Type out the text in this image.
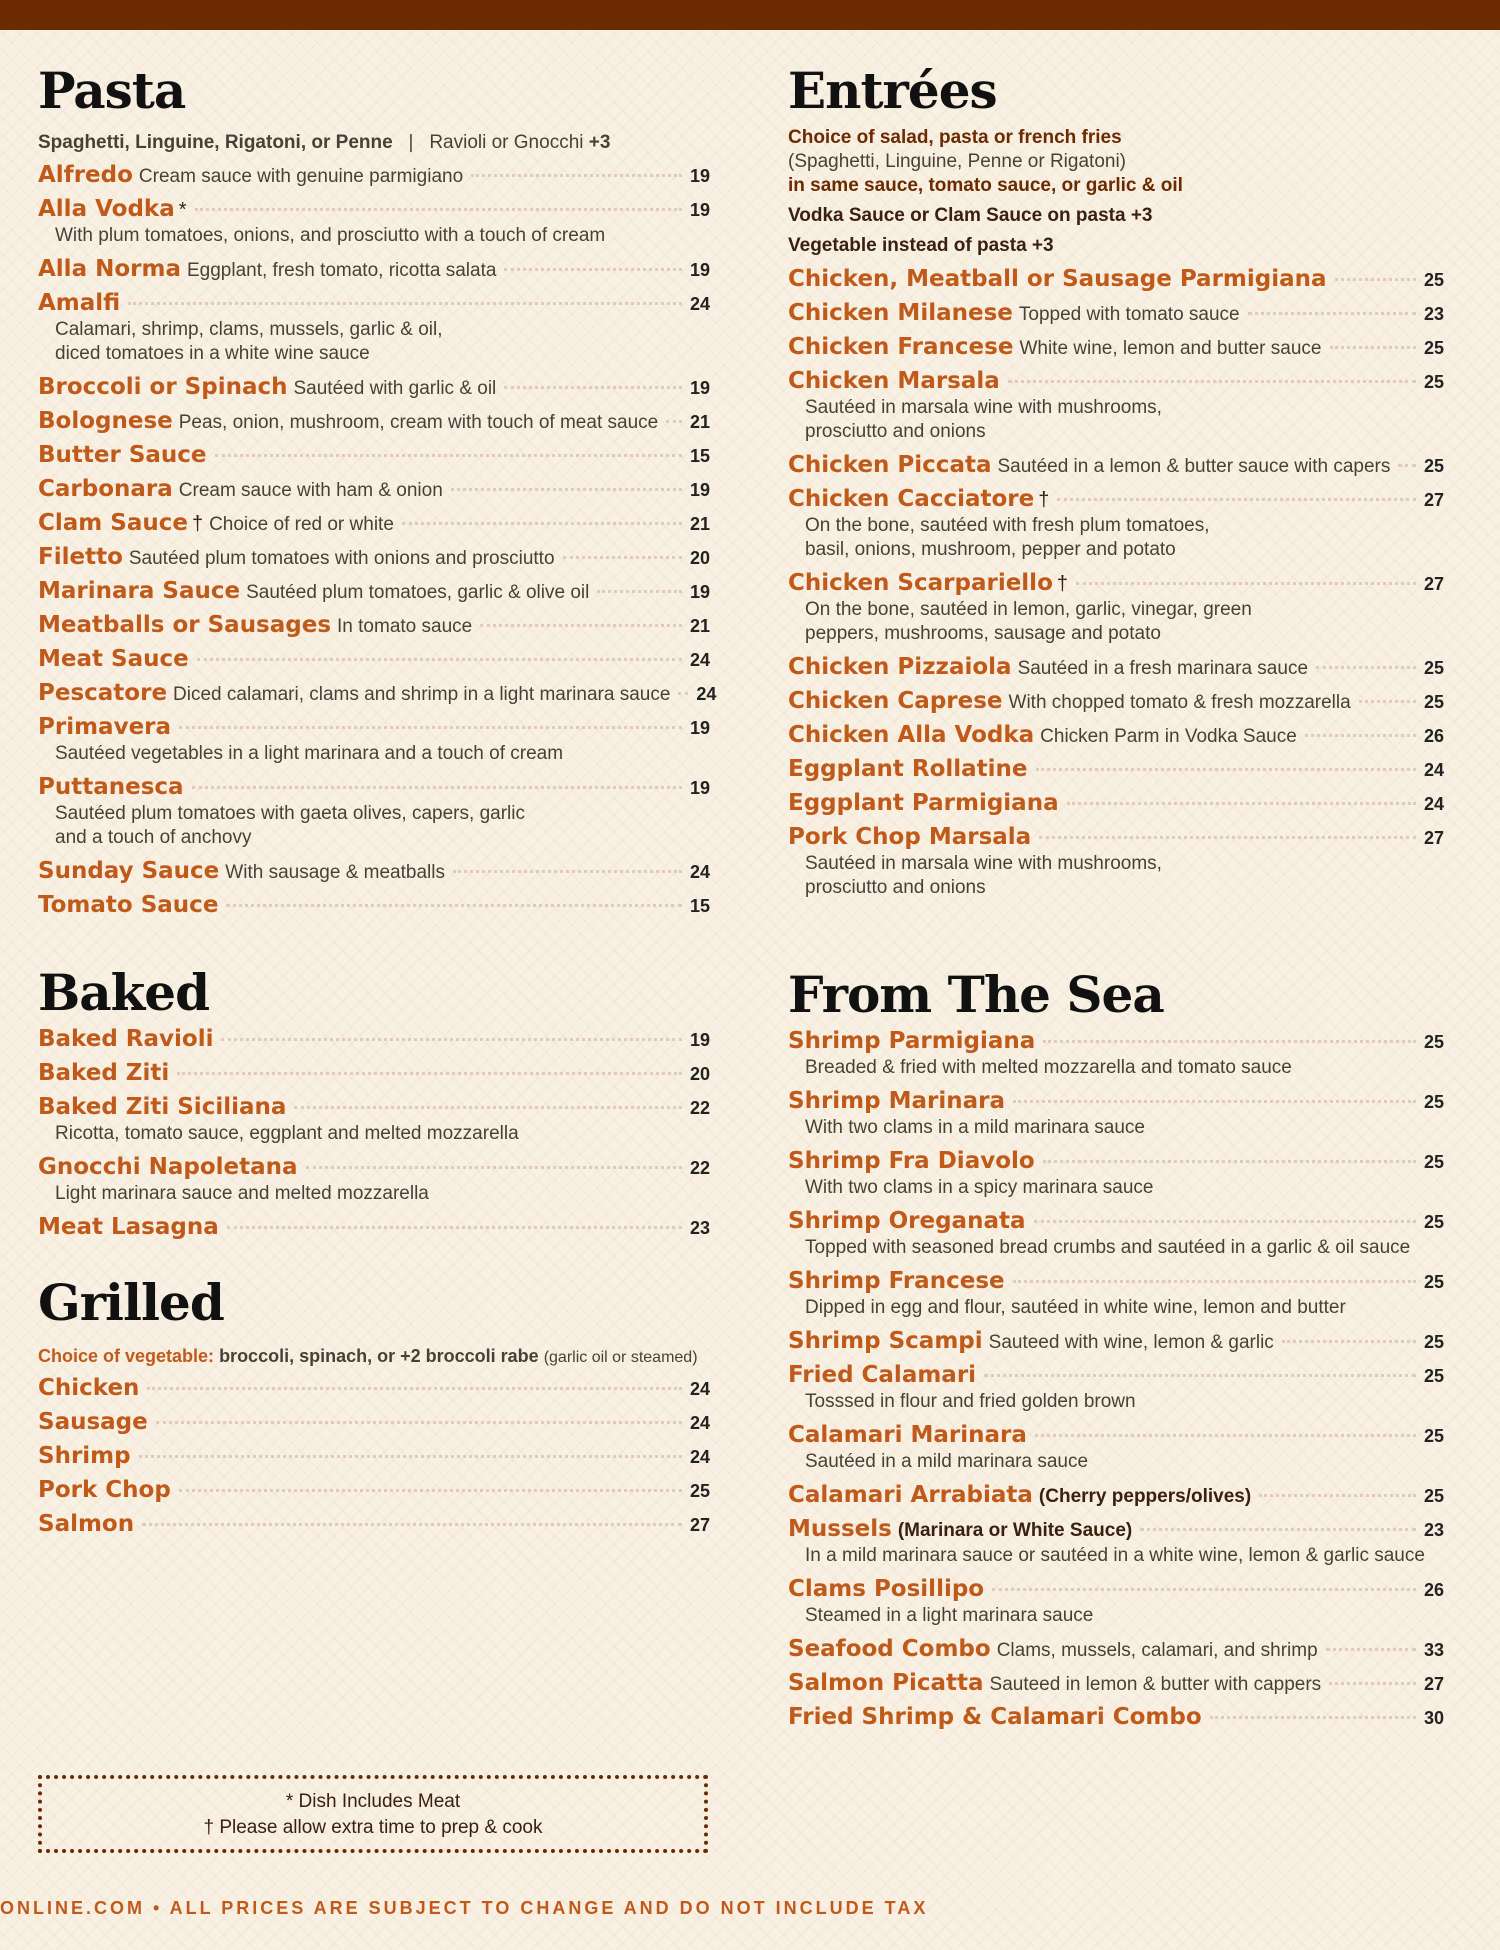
Pasta
Spaghetti, Linguine, Rigatoni, or Penne | Ravioli or Gnocchi +3
Alfredo Cream sauce with genuine parmigiano	19
Alla Vodka *	19
With plum tomatoes, onions, and prosciutto with a touch of cream
Alla Norma Eggplant, fresh tomato, ricotta salata	19
Amalfi	24
Calamari, shrimp, clams, mussels, garlic & oil,
diced tomatoes in a white wine sauce
Broccoli or Spinach Sautéed with garlic & oil	19
Bolognese Peas, onion, mushroom, cream with touch of meat sauce 21
Butter Sauce	15
Carbonara Cream sauce with ham & onion	19
Clam Sauce † Choice of red or white	21
Filetto Sautéed plum tomatoes with onions and prosciutto	20
Marinara Sauce Sautéed plum tomatoes, garlic & olive oil	19
Meatballs or Sausages In tomato sauce	21
Meat Sauce	24
Pescatore Diced calamari, clams and shrimp in a light marinara sauce 24
Primavera	19
Sautéed vegetables in a light marinara and a touch of cream
Puttanesca	19
Sautéed plum tomatoes with gaeta olives, capers, garlic
and a touch of anchovy
Sunday Sauce With sausage & meatballs	24
Tomato Sauce	15
Baked
Baked Ravioli	19
Baked Ziti	20
Baked Ziti Siciliana	22
Ricotta, tomato sauce, eggplant and melted mozzarella
Gnocchi Napoletana	22
Light marinara sauce and melted mozzarella
Meat Lasagna	23
Grilled
Choice of vegetable: broccoli, spinach, or +2 broccoli rabe (garlic oil or steamed)
Chicken	24
Sausage	24
Shrimp	24
Pork Chop	25
Salmon	27
* Dish Includes Meat
† Please allow extra time to prep & cook
Entrées
Choice of salad, pasta or french fries
(Spaghetti, Linguine, Penne or Rigatoni)
in same sauce, tomato sauce, or garlic & oil
Vodka Sauce or Clam Sauce on pasta +3
Vegetable instead of pasta +3
Chicken, Meatball or Sausage Parmigiana	25
Chicken Milanese Topped with tomato sauce	23
Chicken Francese White wine, lemon and butter sauce	25
Chicken Marsala	25
Sautéed in marsala wine with mushrooms,
prosciutto and onions
Chicken Piccata Sautéed in a lemon & butter sauce with capers 25
Chicken Cacciatore †	27
On the bone, sautéed with fresh plum tomatoes,
basil, onions, mushroom, pepper and potato
Chicken Scarpariello †	27
On the bone, sautéed in lemon, garlic, vinegar, green
peppers, mushrooms, sausage and potato
Chicken Pizzaiola Sautéed in a fresh marinara sauce	25
Chicken Caprese With chopped tomato & fresh mozzarella	25
Chicken Alla Vodka Chicken Parm in Vodka Sauce	26
Eggplant Rollatine	24
Eggplant Parmigiana	24
Pork Chop Marsala	27
Sautéed in marsala wine with mushrooms,
prosciutto and onions
From The Sea
Shrimp Parmigiana	25
Breaded & fried with melted mozzarella and tomato sauce
Shrimp Marinara	25
With two clams in a mild marinara sauce
Shrimp Fra Diavolo	25
With two clams in a spicy marinara sauce
Shrimp Oreganata	25
Topped with seasoned bread crumbs and sautéed in a garlic & oil sauce
Shrimp Francese	25
Dipped in egg and flour, sautéed in white wine, lemon and butter
Shrimp Scampi Sauteed with wine, lemon & garlic	25
Fried Calamari	25
Tosssed in flour and fried golden brown
Calamari Marinara	25
Sautéed in a mild marinara sauce
Calamari Arrabiata (Cherry peppers/olives)	25
Mussels (Marinara or White Sauce)	23
In a mild marinara sauce or sautéed in a white wine, lemon & garlic sauce
Clams Posillipo	26
Steamed in a light marinara sauce
Seafood Combo Clams, mussels, calamari, and shrimp	33
Salmon Picatta Sauteed in lemon & butter with cappers	27
Fried Shrimp & Calamari Combo	30
ONLINE.COM • ALL PRICES ARE SUBJECT TO CHANGE AND DO NOT INCLUDE TAX
